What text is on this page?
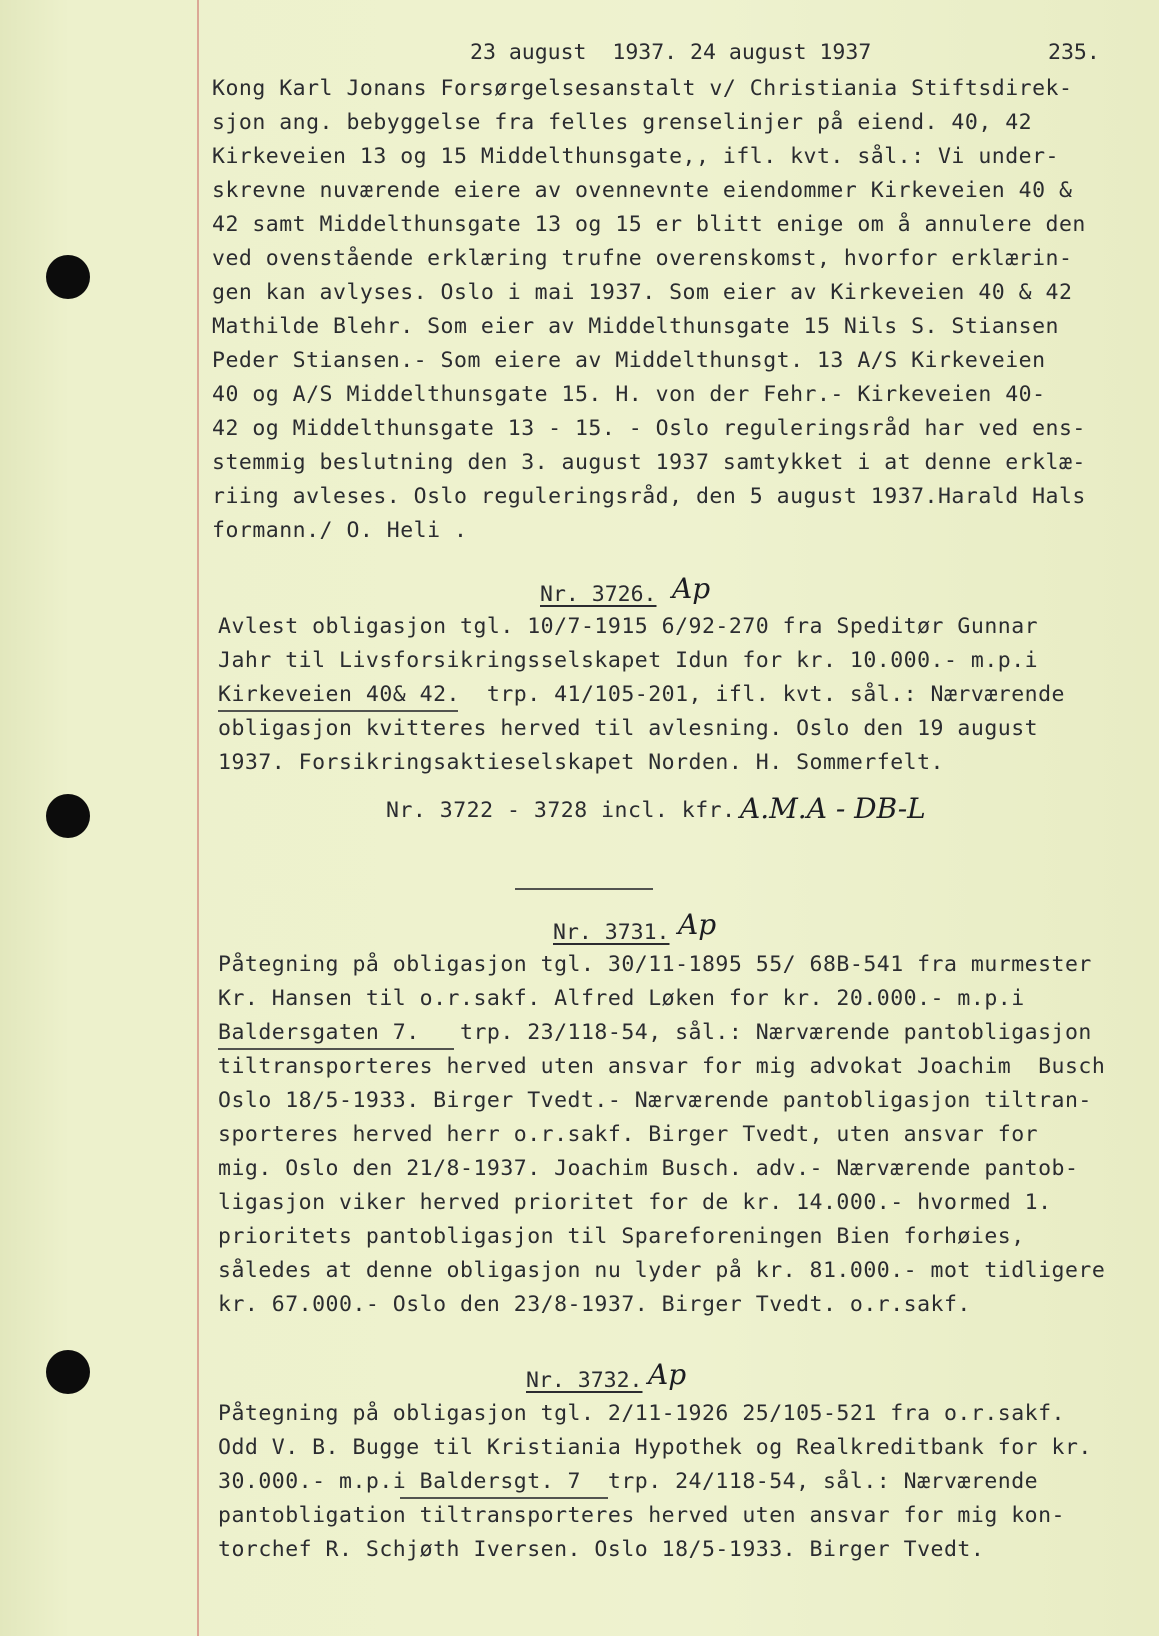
23 august  1937. 24 august 1937	235.
Kong Karl Jonans Forsørgelsesanstalt v/ Christiania Stiftsdirek-
sjon ang. bebyggelse fra felles grenselinjer på eiend. 40, 42
Kirkeveien 13 og 15 Middelthunsgate,, ifl. kvt. sål.: Vi under-
skrevne nuværende eiere av ovennevnte eiendommer Kirkeveien 40 &
42 samt Middelthunsgate 13 og 15 er blitt enige om å annulere den
ved ovenstående erklæring trufne overenskomst, hvorfor erklærin-
gen kan avlyses. Oslo i mai 1937. Som eier av Kirkeveien 40 & 42
Mathilde Blehr. Som eier av Middelthunsgate 15 Nils S. Stiansen
Peder Stiansen.- Som eiere av Middelthunsgt. 13 A/S Kirkeveien
40 og A/S Middelthunsgate 15. H. von der Fehr.- Kirkeveien 40-
42 og Middelthunsgate 13 - 15. - Oslo reguleringsråd har ved ens-
stemmig beslutning den 3. august 1937 samtykket i at denne erklæ-
riing avleses. Oslo reguleringsråd, den 5 august 1937.Harald Hals
formann./ O. Heli .
Nr. 3726. Ap
Avlest obligasjon tgl. 10/7-1915 6/92-270 fra Speditør Gunnar
Jahr til Livsforsikringsselskapet Idun for kr. 10.000.- m.p.i
Kirkeveien 40& 42.  trp. 41/105-201, ifl. kvt. sål.: Nærværende
obligasjon kvitteres herved til avlesning. Oslo den 19 august
1937. Forsikringsaktieselskapet Norden. H. Sommerfelt.
Nr. 3722 - 3728 incl. kfr. A.M.A - DB-L
Nr. 3731. Ap
Påtegning på obligasjon tgl. 30/11-1895 55/ 68B-541 fra murmester
Kr. Hansen til o.r.sakf. Alfred Løken for kr. 20.000.- m.p.i
Baldersgaten 7.   trp. 23/118-54, sål.: Nærværende pantobligasjon
tiltransporteres herved uten ansvar for mig advokat Joachim  Busch
Oslo 18/5-1933. Birger Tvedt.- Nærværende pantobligasjon tiltran-
sporteres herved herr o.r.sakf. Birger Tvedt, uten ansvar for
mig. Oslo den 21/8-1937. Joachim Busch. adv.- Nærværende pantob-
ligasjon viker herved prioritet for de kr. 14.000.- hvormed 1.
prioritets pantobligasjon til Spareforeningen Bien forhøies,
således at denne obligasjon nu lyder på kr. 81.000.- mot tidligere
kr. 67.000.- Oslo den 23/8-1937. Birger Tvedt. o.r.sakf.
Nr. 3732. Ap
Påtegning på obligasjon tgl. 2/11-1926 25/105-521 fra o.r.sakf.
Odd V. B. Bugge til Kristiania Hypothek og Realkreditbank for kr.
30.000.- m.p.i Baldersgt. 7  trp. 24/118-54, sål.: Nærværende
pantobligation tiltransporteres herved uten ansvar for mig kon-
torchef R. Schjøth Iversen. Oslo 18/5-1933. Birger Tvedt.
